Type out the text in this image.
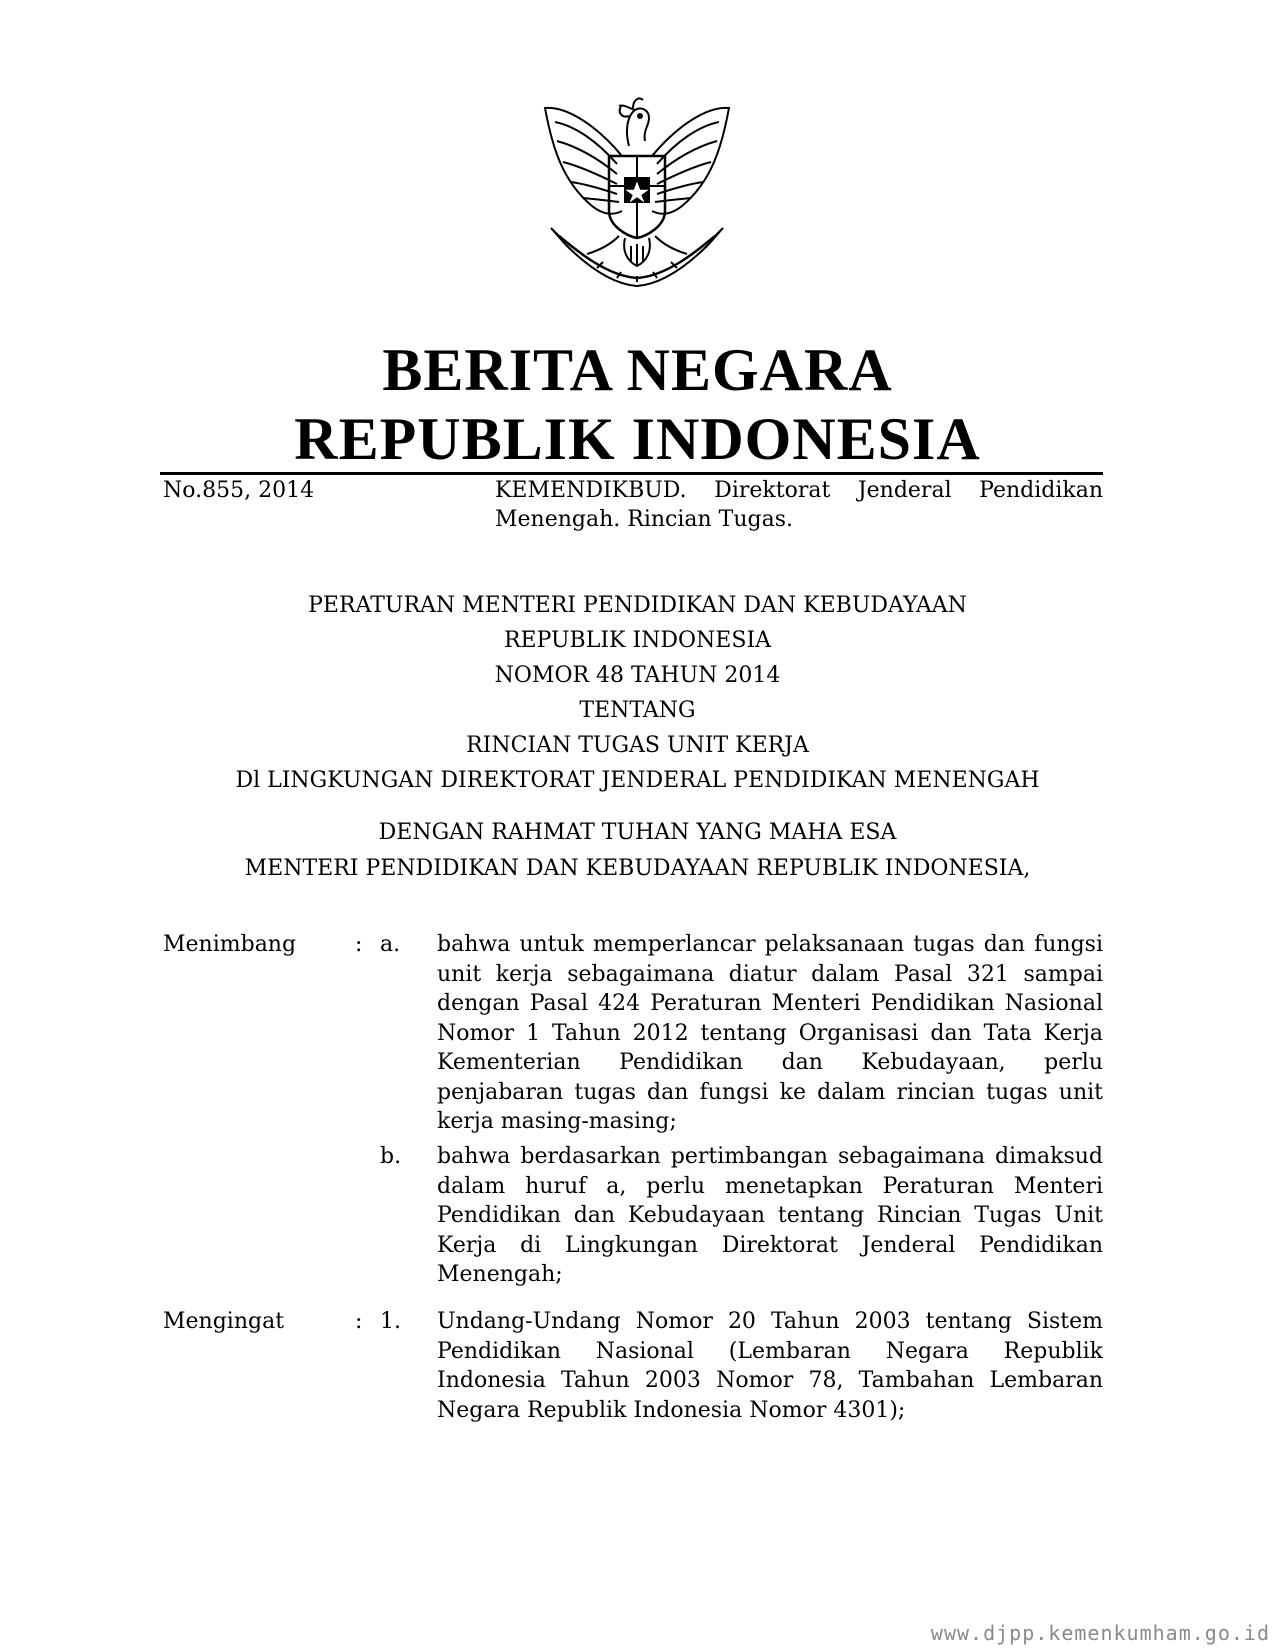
BERITA NEGARA
REPUBLIK INDONESIA
No.855, 2014	KEMENDIKBUD. Direktorat Jenderal Pendidikan Menengah. Rincian Tugas.
PERATURAN MENTERI PENDIDIKAN DAN KEBUDAYAAN
REPUBLIK INDONESIA
NOMOR 48 TAHUN 2014
TENTANG
RINCIAN TUGAS UNIT KERJA
Dl LINGKUNGAN DIREKTORAT JENDERAL PENDIDIKAN MENENGAH
DENGAN RAHMAT TUHAN YANG MAHA ESA
MENTERI PENDIDIKAN DAN KEBUDAYAAN REPUBLIK INDONESIA,
Menimbang	: a. bahwa untuk memperlancar pelaksanaan tugas dan fungsi unit kerja sebagaimana diatur dalam Pasal 321 sampai dengan Pasal 424 Peraturan Menteri Pendidikan Nasional Nomor 1 Tahun 2012 tentang Organisasi dan Tata Kerja Kementerian Pendidikan dan Kebudayaan, perlu penjabaran tugas dan fungsi ke dalam rincian tugas unit kerja masing-masing;
b. bahwa berdasarkan pertimbangan sebagaimana dimaksud dalam huruf a, perlu menetapkan Peraturan Menteri Pendidikan dan Kebudayaan tentang Rincian Tugas Unit Kerja di Lingkungan Direktorat Jenderal Pendidikan Menengah;
Mengingat	: 1. Undang-Undang Nomor 20 Tahun 2003 tentang Sistem Pendidikan Nasional (Lembaran Negara Republik Indonesia Tahun 2003 Nomor 78, Tambahan Lembaran Negara Republik Indonesia Nomor 4301);
www.djpp.kemenkumham.go.id
